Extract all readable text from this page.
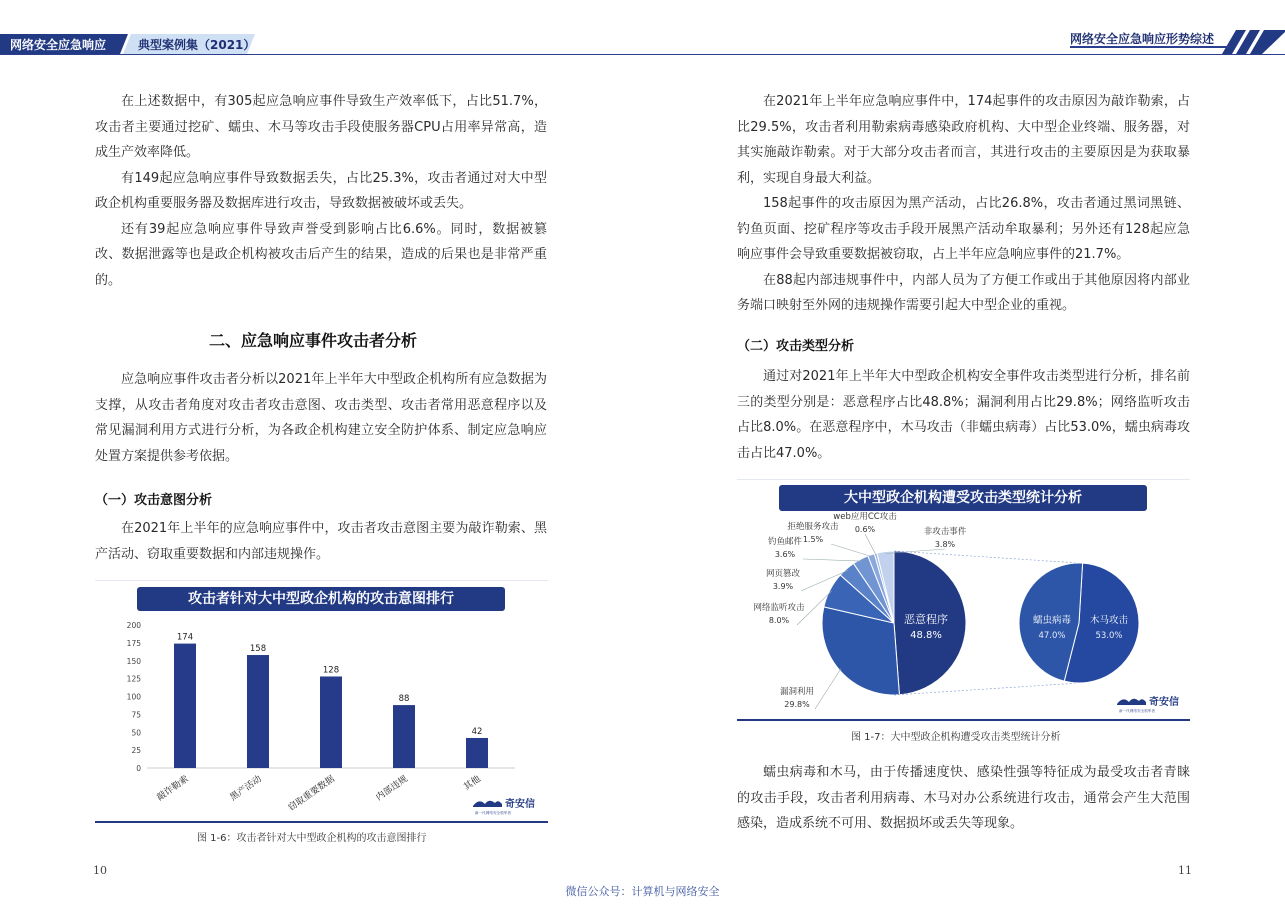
网络安全应急响应	典型案例集（2021）	网络安全应急响应形势综述

在上述数据中，有305起应急响应事件导致生产效率低下，占比51.7%，攻击者主要通过挖矿、蠕虫、木马等攻击手段使服务器CPU占用率异常高，造成生产效率降低。

有149起应急响应事件导致数据丢失，占比25.3%，攻击者通过对大中型政企机构重要服务器及数据库进行攻击，导致数据被破坏或丢失。

还有39起应急响应事件导致声誉受到影响占比6.6%。同时，数据被篡改、数据泄露等也是政企机构被攻击后产生的结果，造成的后果也是非常严重的。

二、应急响应事件攻击者分析

应急响应事件攻击者分析以2021年上半年大中型政企机构所有应急数据为支撑，从攻击者角度对攻击者攻击意图、攻击类型、攻击者常用恶意程序以及常见漏洞利用方式进行分析，为各政企机构建立安全防护体系、制定应急响应处置方案提供参考依据。

（一）攻击意图分析

在2021年上半年的应急响应事件中，攻击者攻击意图主要为敲诈勒索、黑产活动、窃取重要数据和内部违规操作。

攻击者针对大中型政企机构的攻击意图排行
0
25
50
75
100
125
150
175
200
174
敲诈勒索
158
黑产活动
128
窃取重要数据
88
内部违规
42
其他
奇安信
新一代网络安全领军者
图 1-6：攻击者针对大中型政企机构的攻击意图排行
10

在2021年上半年应急响应事件中，174起事件的攻击原因为敲诈勒索，占比29.5%，攻击者利用勒索病毒感染政府机构、大中型企业终端、服务器，对其实施敲诈勒索。对于大部分攻击者而言，其进行攻击的主要原因是为获取暴利，实现自身最大利益。

158起事件的攻击原因为黑产活动，占比26.8%，攻击者通过黑词黑链、钓鱼页面、挖矿程序等攻击手段开展黑产活动牟取暴利；另外还有128起应急响应事件会导致重要数据被窃取，占上半年应急响应事件的21.7%。

在88起内部违规事件中，内部人员为了方便工作或出于其他原因将内部业务端口映射至外网的违规操作需要引起大中型企业的重视。

（二）攻击类型分析

通过对2021年上半年大中型政企机构安全事件攻击类型进行分析，排名前三的类型分别是：恶意程序占比48.8%；漏洞利用占比29.8%；网络监听攻击占比8.0%。在恶意程序中，木马攻击（非蠕虫病毒）占比53.0%，蠕虫病毒攻击占比47.0%。

大中型政企机构遭受攻击类型统计分析
恶意程序
48.8%
漏洞利用
29.8%
网络监听攻击
8.0%
网页篡改
3.9%
钓鱼邮件
3.6%
拒绝服务攻击
1.5%
web应用CC攻击
0.6%	非攻击事件
3.8%
木马攻击
53.0%
蠕虫病毒
47.0%
奇安信
新一代网络安全领军者
图 1-7：大中型政企机构遭受攻击类型统计分析

蠕虫病毒和木马，由于传播速度快、感染性强等特征成为最受攻击者青睐的攻击手段，攻击者利用病毒、木马对办公系统进行攻击，通常会产生大范围感染，造成系统不可用、数据损坏或丢失等现象。

11
微信公众号：计算机与网络安全
